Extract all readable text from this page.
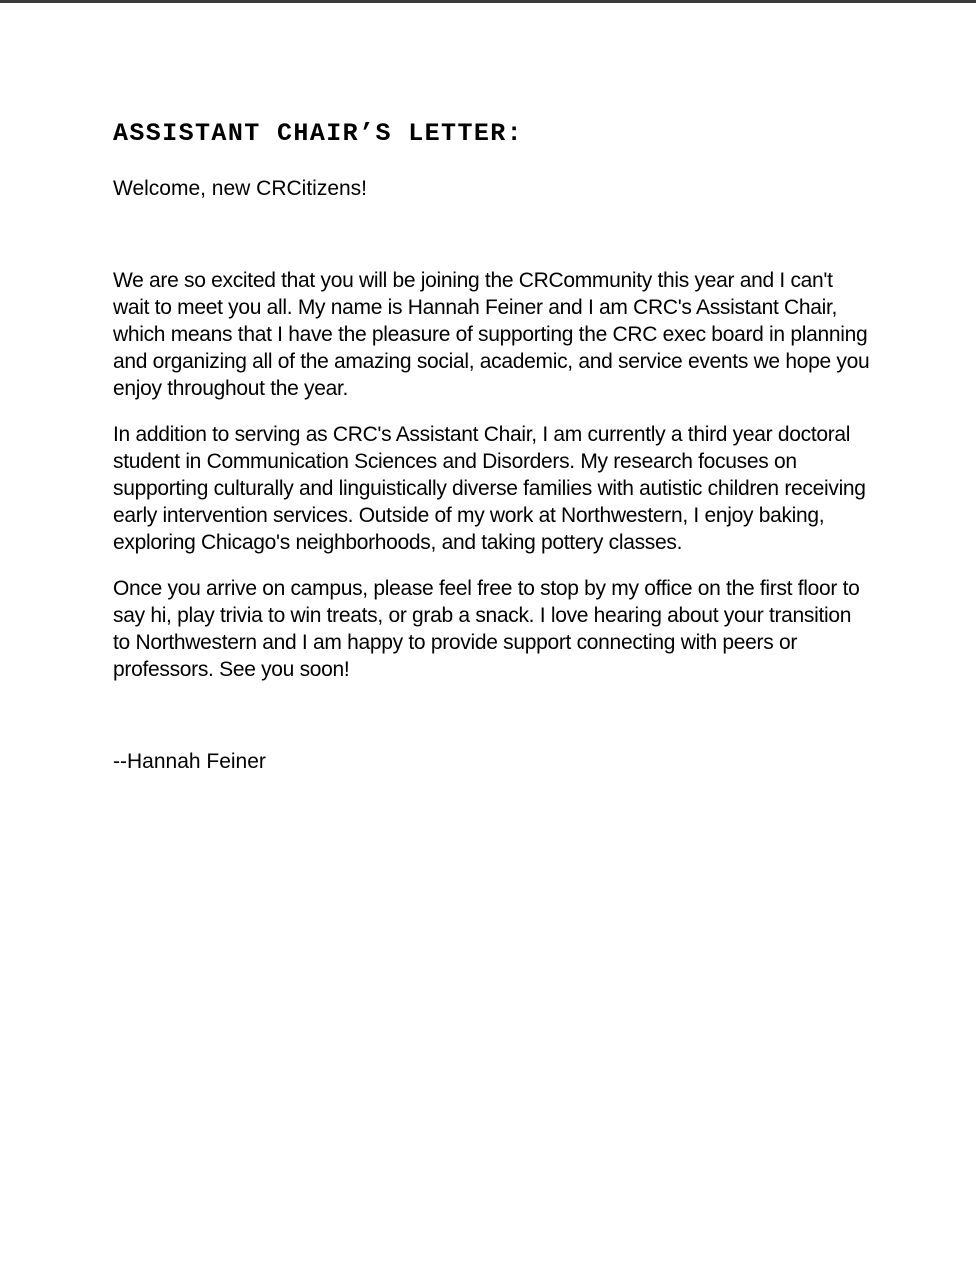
ASSISTANT CHAIR’S LETTER:

Welcome, new CRCitizens!

We are so excited that you will be joining the CRCommunity this year and I can't wait to meet you all. My name is Hannah Feiner and I am CRC's Assistant Chair, which means that I have the pleasure of supporting the CRC exec board in planning and organizing all of the amazing social, academic, and service events we hope you enjoy throughout the year.

In addition to serving as CRC's Assistant Chair, I am currently a third year doctoral student in Communication Sciences and Disorders. My research focuses on supporting culturally and linguistically diverse families with autistic children receiving early intervention services. Outside of my work at Northwestern, I enjoy baking, exploring Chicago's neighborhoods, and taking pottery classes.

Once you arrive on campus, please feel free to stop by my office on the first floor to say hi, play trivia to win treats, or grab a snack. I love hearing about your transition to Northwestern and I am happy to provide support connecting with peers or professors. See you soon!

--Hannah Feiner
